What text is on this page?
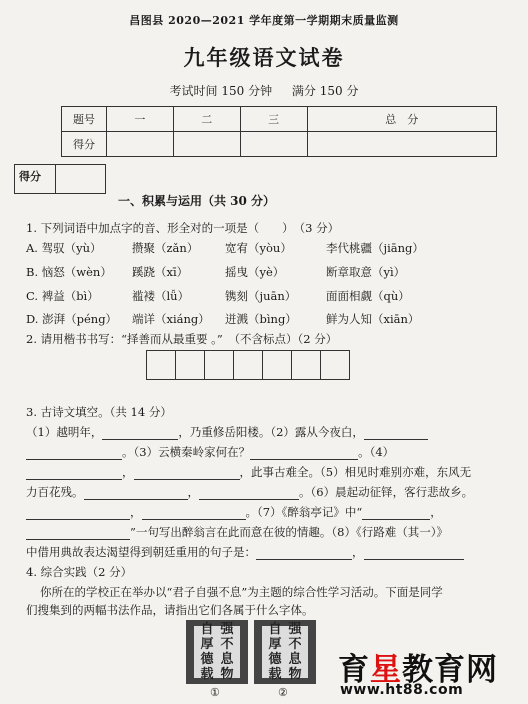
昌图县 2020—2021 学年度第一学期期末质量监测
九年级语文试卷
考试时间 150 分钟 满分 150 分
题号	一	二	三	总　分
得分				
得分
一、积累与运用（共 30 分）
1. 下列词语中加点字的音、形全对的一项是（　　）　（3 分）
A. 驾驭（yù）	攒聚（zǎn） 宽宥（yòu）	李代桃疆（jiāng）
B. 恼怒（wèn） 蹊跷（xī）	摇曳（yè）	断章取意（yì）
C. 裨益（bì）	褴褛（lǚ）	镌刻（juān）	面面相觑（qù）
D. 澎湃（péng） 端详（xiáng） 迸溅（bìng）	鲜为人知（xiān）
2. 请用楷书书写：“择善而从最重要 。”　（不含标点）（2 分）
3. 古诗文填空。（共 14 分）
（1）越明年，	，乃重修岳阳楼。（2）露从今夜白，
。（3）云横秦岭家何在？	。（4）
，	，此事古难全。（5）相见时难别亦难，东风无
力百花残。	，	。（6）晨起动征铎，客行悲故乡。
，	。（7）《醉翁亭记》中“	，
”一句写出醉翁言在此而意在彼的情趣。（8）《行路难（其一）》
中借用典故表达渴望得到朝廷重用的句子是：	，
4. 综合实践（2 分）
你所在的学校正在举办以“君子自强不息”为主题的综合性学习活动。下面是同学
们搜集到的两幅书法作品，请指出它们各属于什么字体。
自 强
厚 不
德 息
载 物
自 强
厚 不
德 息
载 物
①	②
育星教育网
www.ht88.com
